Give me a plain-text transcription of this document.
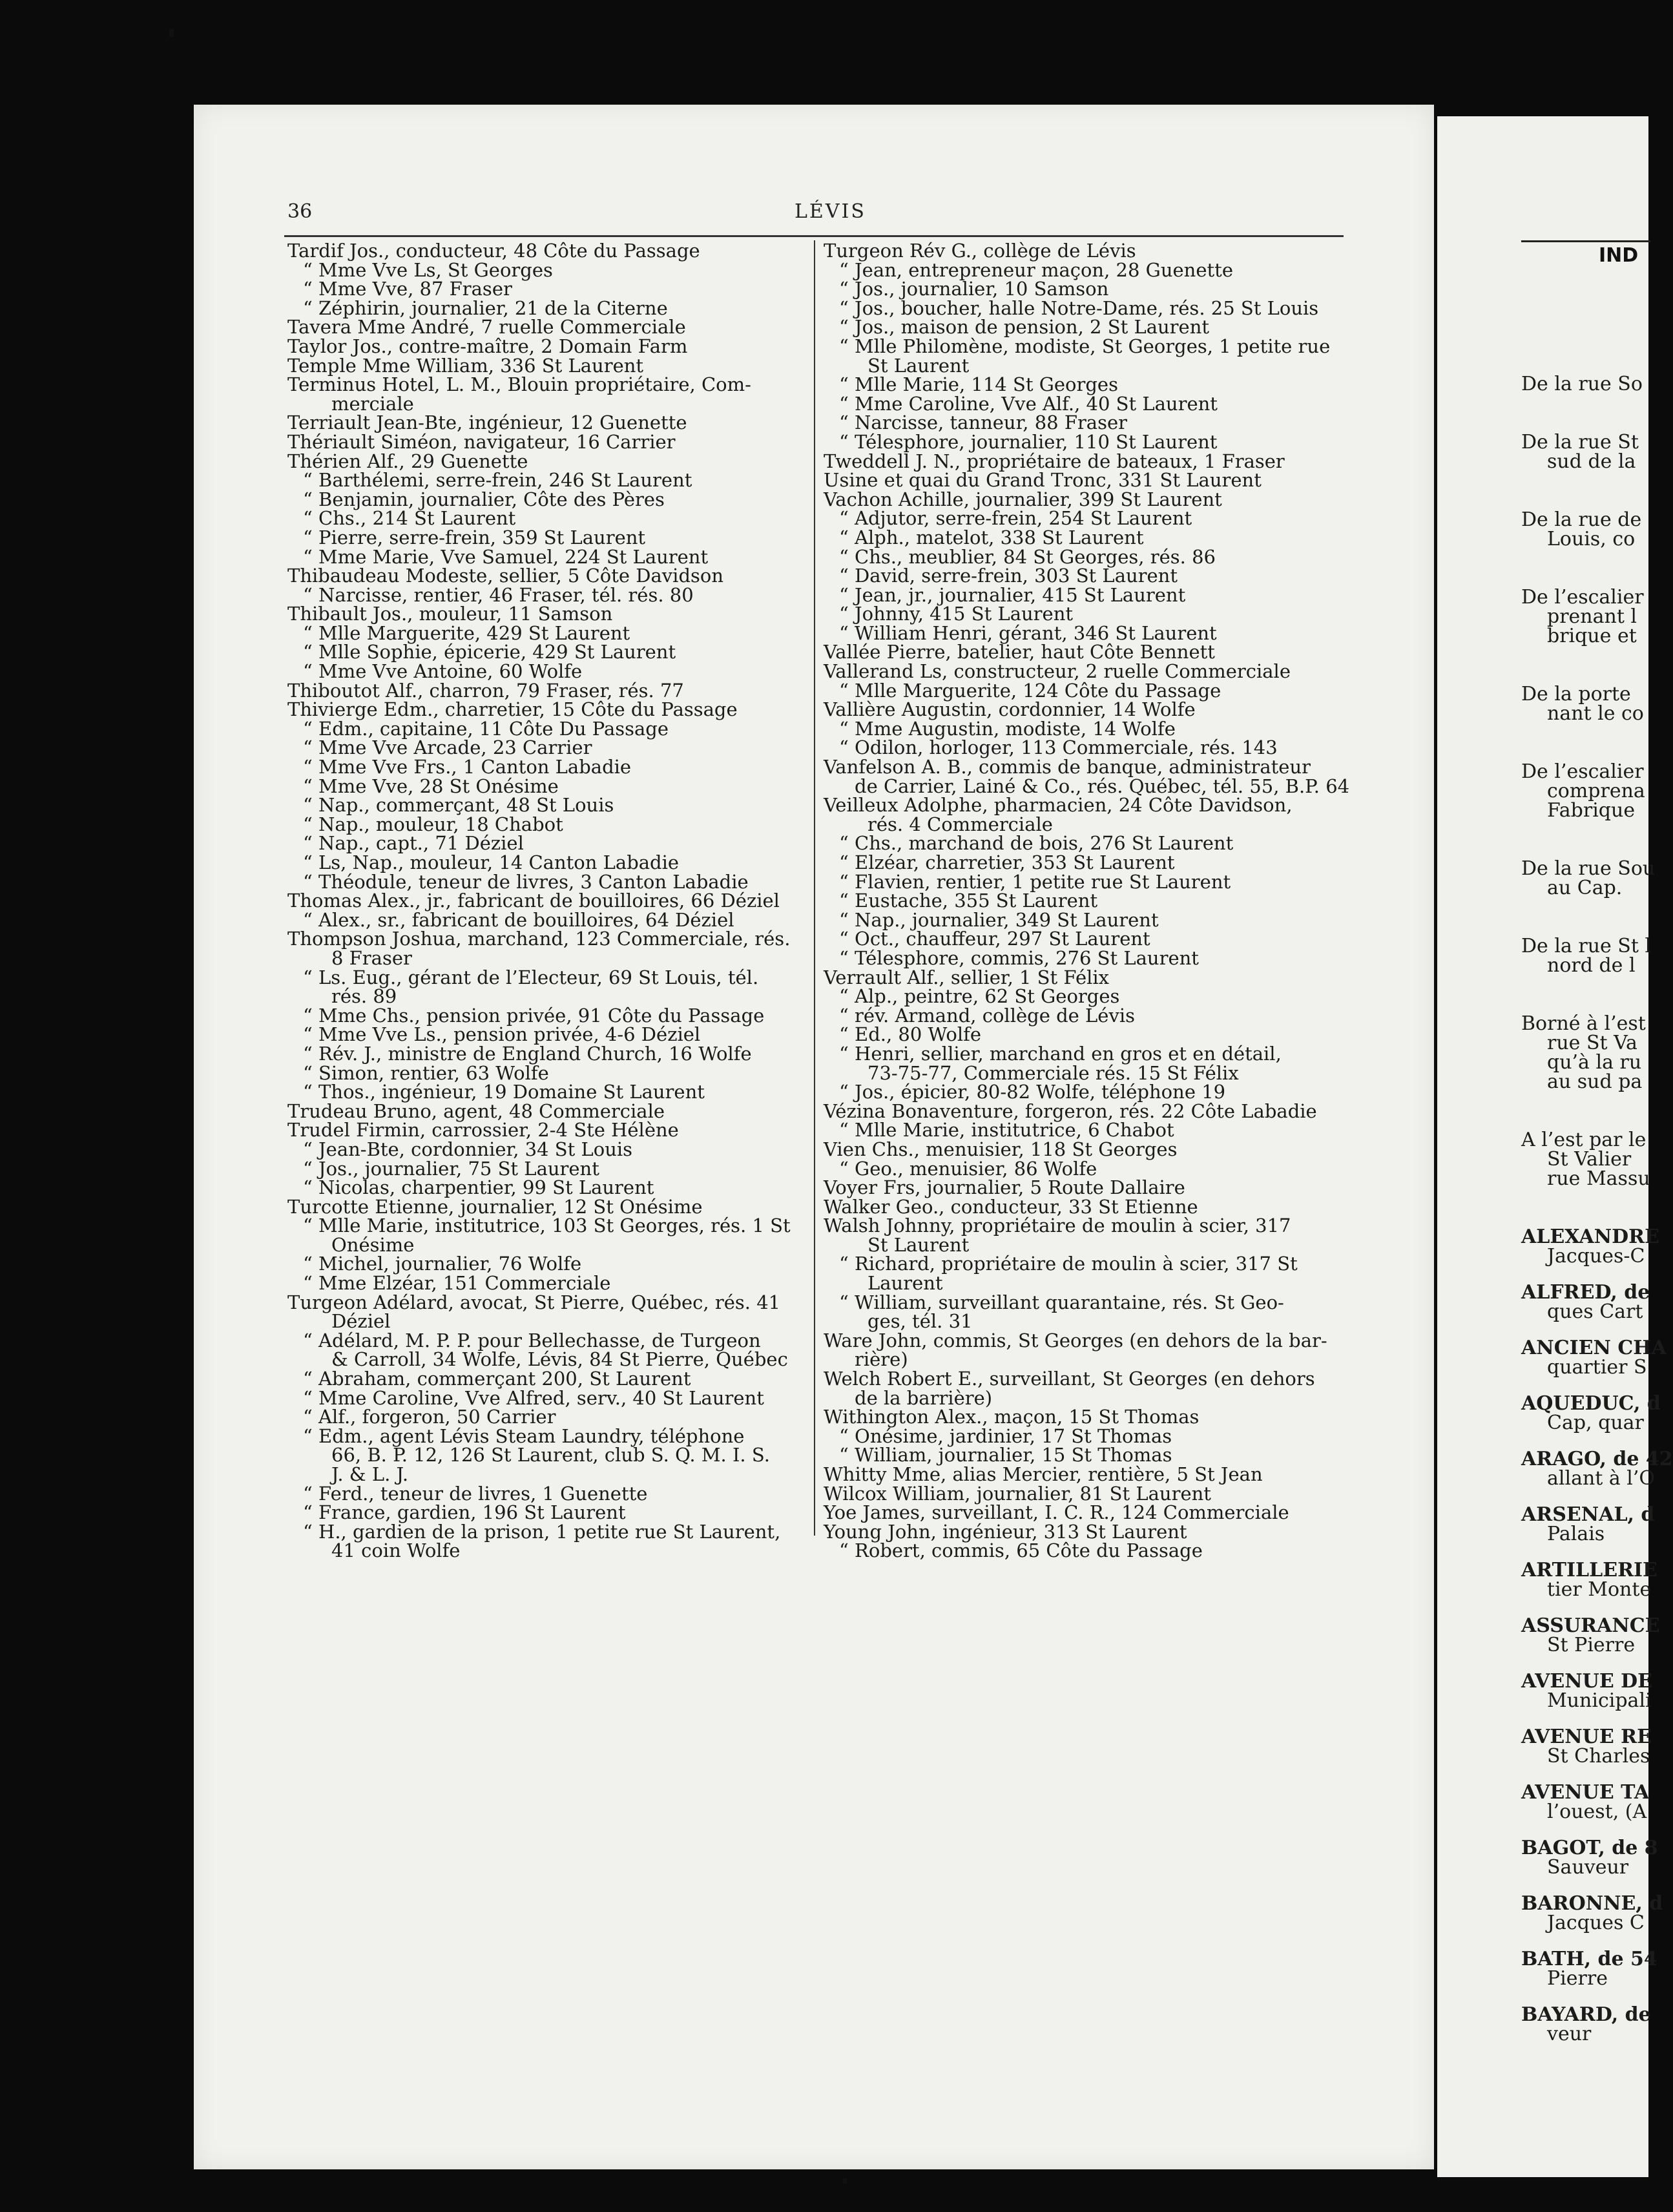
36	LÉVIS
Tardif Jos., conducteur, 48 Côte du Passage
“ Mme Vve Ls, St Georges
“ Mme Vve, 87 Fraser
“ Zéphirin, journalier, 21 de la Citerne
Tavera Mme André, 7 ruelle Commerciale
Taylor Jos., contre-maître, 2 Domain Farm
Temple Mme William, 336 St Laurent
Terminus Hotel, L. M., Blouin propriétaire, Com-
merciale
Terriault Jean-Bte, ingénieur, 12 Guenette
Thériault Siméon, navigateur, 16 Carrier
Thérien Alf., 29 Guenette
“ Barthélemi, serre-frein, 246 St Laurent
“ Benjamin, journalier, Côte des Pères
“ Chs., 214 St Laurent
“ Pierre, serre-frein, 359 St Laurent
“ Mme Marie, Vve Samuel, 224 St Laurent
Thibaudeau Modeste, sellier, 5 Côte Davidson
“ Narcisse, rentier, 46 Fraser, tél. rés. 80
Thibault Jos., mouleur, 11 Samson
“ Mlle Marguerite, 429 St Laurent
“ Mlle Sophie, épicerie, 429 St Laurent
“ Mme Vve Antoine, 60 Wolfe
Thiboutot Alf., charron, 79 Fraser, rés. 77
Thivierge Edm., charretier, 15 Côte du Passage
“ Edm., capitaine, 11 Côte Du Passage
“ Mme Vve Arcade, 23 Carrier
“ Mme Vve Frs., 1 Canton Labadie
“ Mme Vve, 28 St Onésime
“ Nap., commerçant, 48 St Louis
“ Nap., mouleur, 18 Chabot
“ Nap., capt., 71 Déziel
“ Ls, Nap., mouleur, 14 Canton Labadie
“ Théodule, teneur de livres, 3 Canton Labadie
Thomas Alex., jr., fabricant de bouilloires, 66 Déziel
“ Alex., sr., fabricant de bouilloires, 64 Déziel
Thompson Joshua, marchand, 123 Commerciale, rés.
8 Fraser
“ Ls. Eug., gérant de l’Electeur, 69 St Louis, tél.
rés. 89
“ Mme Chs., pension privée, 91 Côte du Passage
“ Mme Vve Ls., pension privée, 4-6 Déziel
“ Rév. J., ministre de England Church, 16 Wolfe
“ Simon, rentier, 63 Wolfe
“ Thos., ingénieur, 19 Domaine St Laurent
Trudeau Bruno, agent, 48 Commerciale
Trudel Firmin, carrossier, 2-4 Ste Hélène
“ Jean-Bte, cordonnier, 34 St Louis
“ Jos., journalier, 75 St Laurent
“ Nicolas, charpentier, 99 St Laurent
Turcotte Etienne, journalier, 12 St Onésime
“ Mlle Marie, institutrice, 103 St Georges, rés. 1 St
Onésime
“ Michel, journalier, 76 Wolfe
“ Mme Elzéar, 151 Commerciale
Turgeon Adélard, avocat, St Pierre, Québec, rés. 41
Déziel
“ Adélard, M. P. P. pour Bellechasse, de Turgeon
& Carroll, 34 Wolfe, Lévis, 84 St Pierre, Québec
“ Abraham, commerçant 200, St Laurent
“ Mme Caroline, Vve Alfred, serv., 40 St Laurent
“ Alf., forgeron, 50 Carrier
“ Edm., agent Lévis Steam Laundry, téléphone
66, B. P. 12, 126 St Laurent, club S. Q. M. I. S.
J. & L. J.
“ Ferd., teneur de livres, 1 Guenette
“ France, gardien, 196 St Laurent
“ H., gardien de la prison, 1 petite rue St Laurent,
41 coin Wolfe
Turgeon Rév G., collège de Lévis
“ Jean, entrepreneur maçon, 28 Guenette
“ Jos., journalier, 10 Samson
“ Jos., boucher, halle Notre-Dame, rés. 25 St Louis
“ Jos., maison de pension, 2 St Laurent
“ Mlle Philomène, modiste, St Georges, 1 petite rue
St Laurent
“ Mlle Marie, 114 St Georges
“ Mme Caroline, Vve Alf., 40 St Laurent
“ Narcisse, tanneur, 88 Fraser
“ Télesphore, journalier, 110 St Laurent
Tweddell J. N., propriétaire de bateaux, 1 Fraser
Usine et quai du Grand Tronc, 331 St Laurent
Vachon Achille, journalier, 399 St Laurent
“ Adjutor, serre-frein, 254 St Laurent
“ Alph., matelot, 338 St Laurent
“ Chs., meublier, 84 St Georges, rés. 86
“ David, serre-frein, 303 St Laurent
“ Jean, jr., journalier, 415 St Laurent
“ Johnny, 415 St Laurent
“ William Henri, gérant, 346 St Laurent
Vallée Pierre, batelier, haut Côte Bennett
Vallerand Ls, constructeur, 2 ruelle Commerciale
“ Mlle Marguerite, 124 Côte du Passage
Vallière Augustin, cordonnier, 14 Wolfe
“ Mme Augustin, modiste, 14 Wolfe
“ Odilon, horloger, 113 Commerciale, rés. 143
Vanfelson A. B., commis de banque, administrateur
de Carrier, Lainé & Co., rés. Québec, tél. 55, B.P. 64
Veilleux Adolphe, pharmacien, 24 Côte Davidson,
rés. 4 Commerciale
“ Chs., marchand de bois, 276 St Laurent
“ Elzéar, charretier, 353 St Laurent
“ Flavien, rentier, 1 petite rue St Laurent
“ Eustache, 355 St Laurent
“ Nap., journalier, 349 St Laurent
“ Oct., chauffeur, 297 St Laurent
“ Télesphore, commis, 276 St Laurent
Verrault Alf., sellier, 1 St Félix
“ Alp., peintre, 62 St Georges
“ rév. Armand, collège de Lévis
“ Ed., 80 Wolfe
“ Henri, sellier, marchand en gros et en détail,
73-75-77, Commerciale rés. 15 St Félix
“ Jos., épicier, 80-82 Wolfe, téléphone 19
Vézina Bonaventure, forgeron, rés. 22 Côte Labadie
“ Mlle Marie, institutrice, 6 Chabot
Vien Chs., menuisier, 118 St Georges
“ Geo., menuisier, 86 Wolfe
Voyer Frs, journalier, 5 Route Dallaire
Walker Geo., conducteur, 33 St Etienne
Walsh Johnny, propriétaire de moulin à scier, 317
St Laurent
“ Richard, propriétaire de moulin à scier, 317 St
Laurent
“ William, surveillant quarantaine, rés. St Geo-
ges, tél. 31
Ware John, commis, St Georges (en dehors de la bar-
rière)
Welch Robert E., surveillant, St Georges (en dehors
de la barrière)
Withington Alex., maçon, 15 St Thomas
“ Onésime, jardinier, 17 St Thomas
“ William, journalier, 15 St Thomas
Whitty Mme, alias Mercier, rentière, 5 St Jean
Wilcox William, journalier, 81 St Laurent
Yoe James, surveillant, I. C. R., 124 Commerciale
Young John, ingénieur, 313 St Laurent
“ Robert, commis, 65 Côte du Passage
IND
De la rue So
De la rue St
sud de la
De la rue de
Louis, co
De l’escalier
prenant l
brique et
De la porte
nant le co
De l’escalier
comprena
Fabrique
De la rue Sou
au Cap.
De la rue St l
nord de l
Borné à l’est
rue St Va
qu’à la ru
au sud pa
A l’est par le
St Valier
rue Massu
ALEXANDRE
Jacques-C
ALFRED, de
ques Cart
ANCIEN CHA
quartier S
AQUEDUC, d
Cap, quar
ARAGO, de 42
allant à l’O
ARSENAL, d
Palais
ARTILLERIE
tier Monte
ASSURANCE
St Pierre
AVENUE DE
Municipali
AVENUE RE
St Charles
AVENUE TA
l’ouest, (A
BAGOT, de 8
Sauveur
BARONNE, d
Jacques C
BATH, de 54
Pierre
BAYARD, de
veur
